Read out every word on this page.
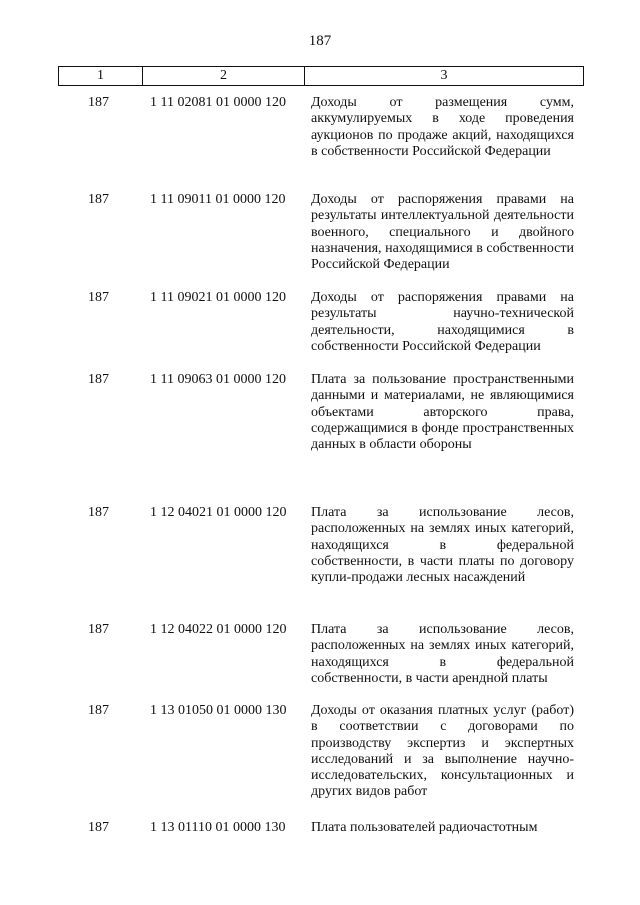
187
1	2	3
187	1 11 02081 01 0000 120	Доходы от размещения сумм, аккумулируемых в ходе проведения аукционов по продаже акций, находящихся в собственности Российской Федерации
187	1 11 09011 01 0000 120	Доходы от распоряжения правами на результаты интеллектуальной деятельности военного, специального и двойного назначения, находящимися в собственности Российской Федерации
187	1 11 09021 01 0000 120	Доходы от распоряжения правами на результаты научно-технической деятельности, находящимися в собственности Российской Федерации
187	1 11 09063 01 0000 120	Плата за пользование пространственными данными и материалами, не являющимися объектами авторского права, содержащимися в фонде пространственных данных в области обороны
187	1 12 04021 01 0000 120	Плата за использование лесов, расположенных на землях иных категорий, находящихся в федеральной собственности, в части платы по договору купли-продажи лесных насаждений
187	1 12 04022 01 0000 120	Плата за использование лесов, расположенных на землях иных категорий, находящихся в федеральной собственности, в части арендной платы
187	1 13 01050 01 0000 130	Доходы от оказания платных услуг (работ) в соответствии с договорами по производству экспертиз и экспертных исследований и за выполнение научно-исследовательских, консультационных и других видов работ
187	1 13 01110 01 0000 130	Плата пользователей радиочастотным
